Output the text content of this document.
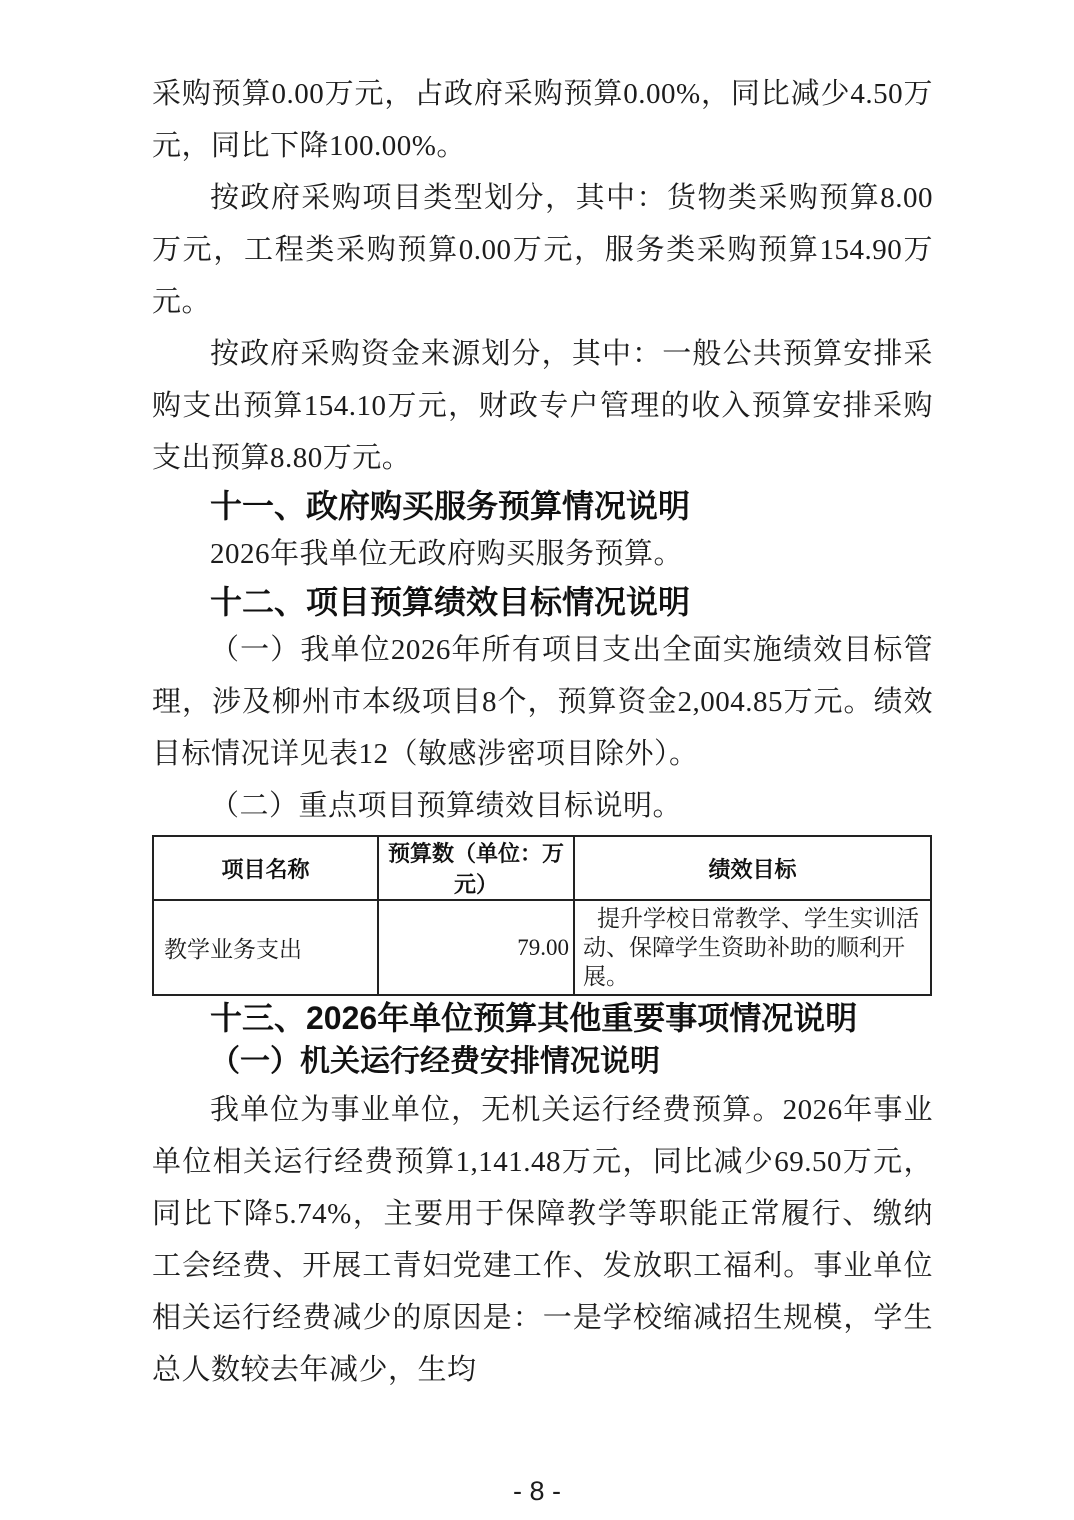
采购预算0.00万元，占政府采购预算0.00%，同比减少4.50万元，同比下降100.00%。

按政府采购项目类型划分，其中：货物类采购预算8.00万元，工程类采购预算0.00万元，服务类采购预算154.90万元。

按政府采购资金来源划分，其中：一般公共预算安排采购支出预算154.10万元，财政专户管理的收入预算安排采购支出预算8.80万元。

十一、政府购买服务预算情况说明

2026年我单位无政府购买服务预算。

十二、项目预算绩效目标情况说明

（一）我单位2026年所有项目支出全面实施绩效目标管理，涉及柳州市本级项目8个，预算资金2,004.85万元。绩效目标情况详见表12（敏感涉密项目除外）。

（二）重点项目预算绩效目标说明。

项目名称	预算数（单位：万元）	绩效目标
教学业务支出	79.00	提升学校日常教学、学生实训活动、保障学生资助补助的顺利开展。
十三、2026年单位预算其他重要事项情况说明
（一）机关运行经费安排情况说明

我单位为事业单位，无机关运行经费预算。2026年事业单位相关运行经费预算1,141.48万元，同比减少69.50万元，同比下降5.74%，主要用于保障教学等职能正常履行、缴纳工会经费、开展工青妇党建工作、发放职工福利。事业单位相关运行经费减少的原因是：一是学校缩减招生规模，学生总人数较去年减少，生均

- 8 -
